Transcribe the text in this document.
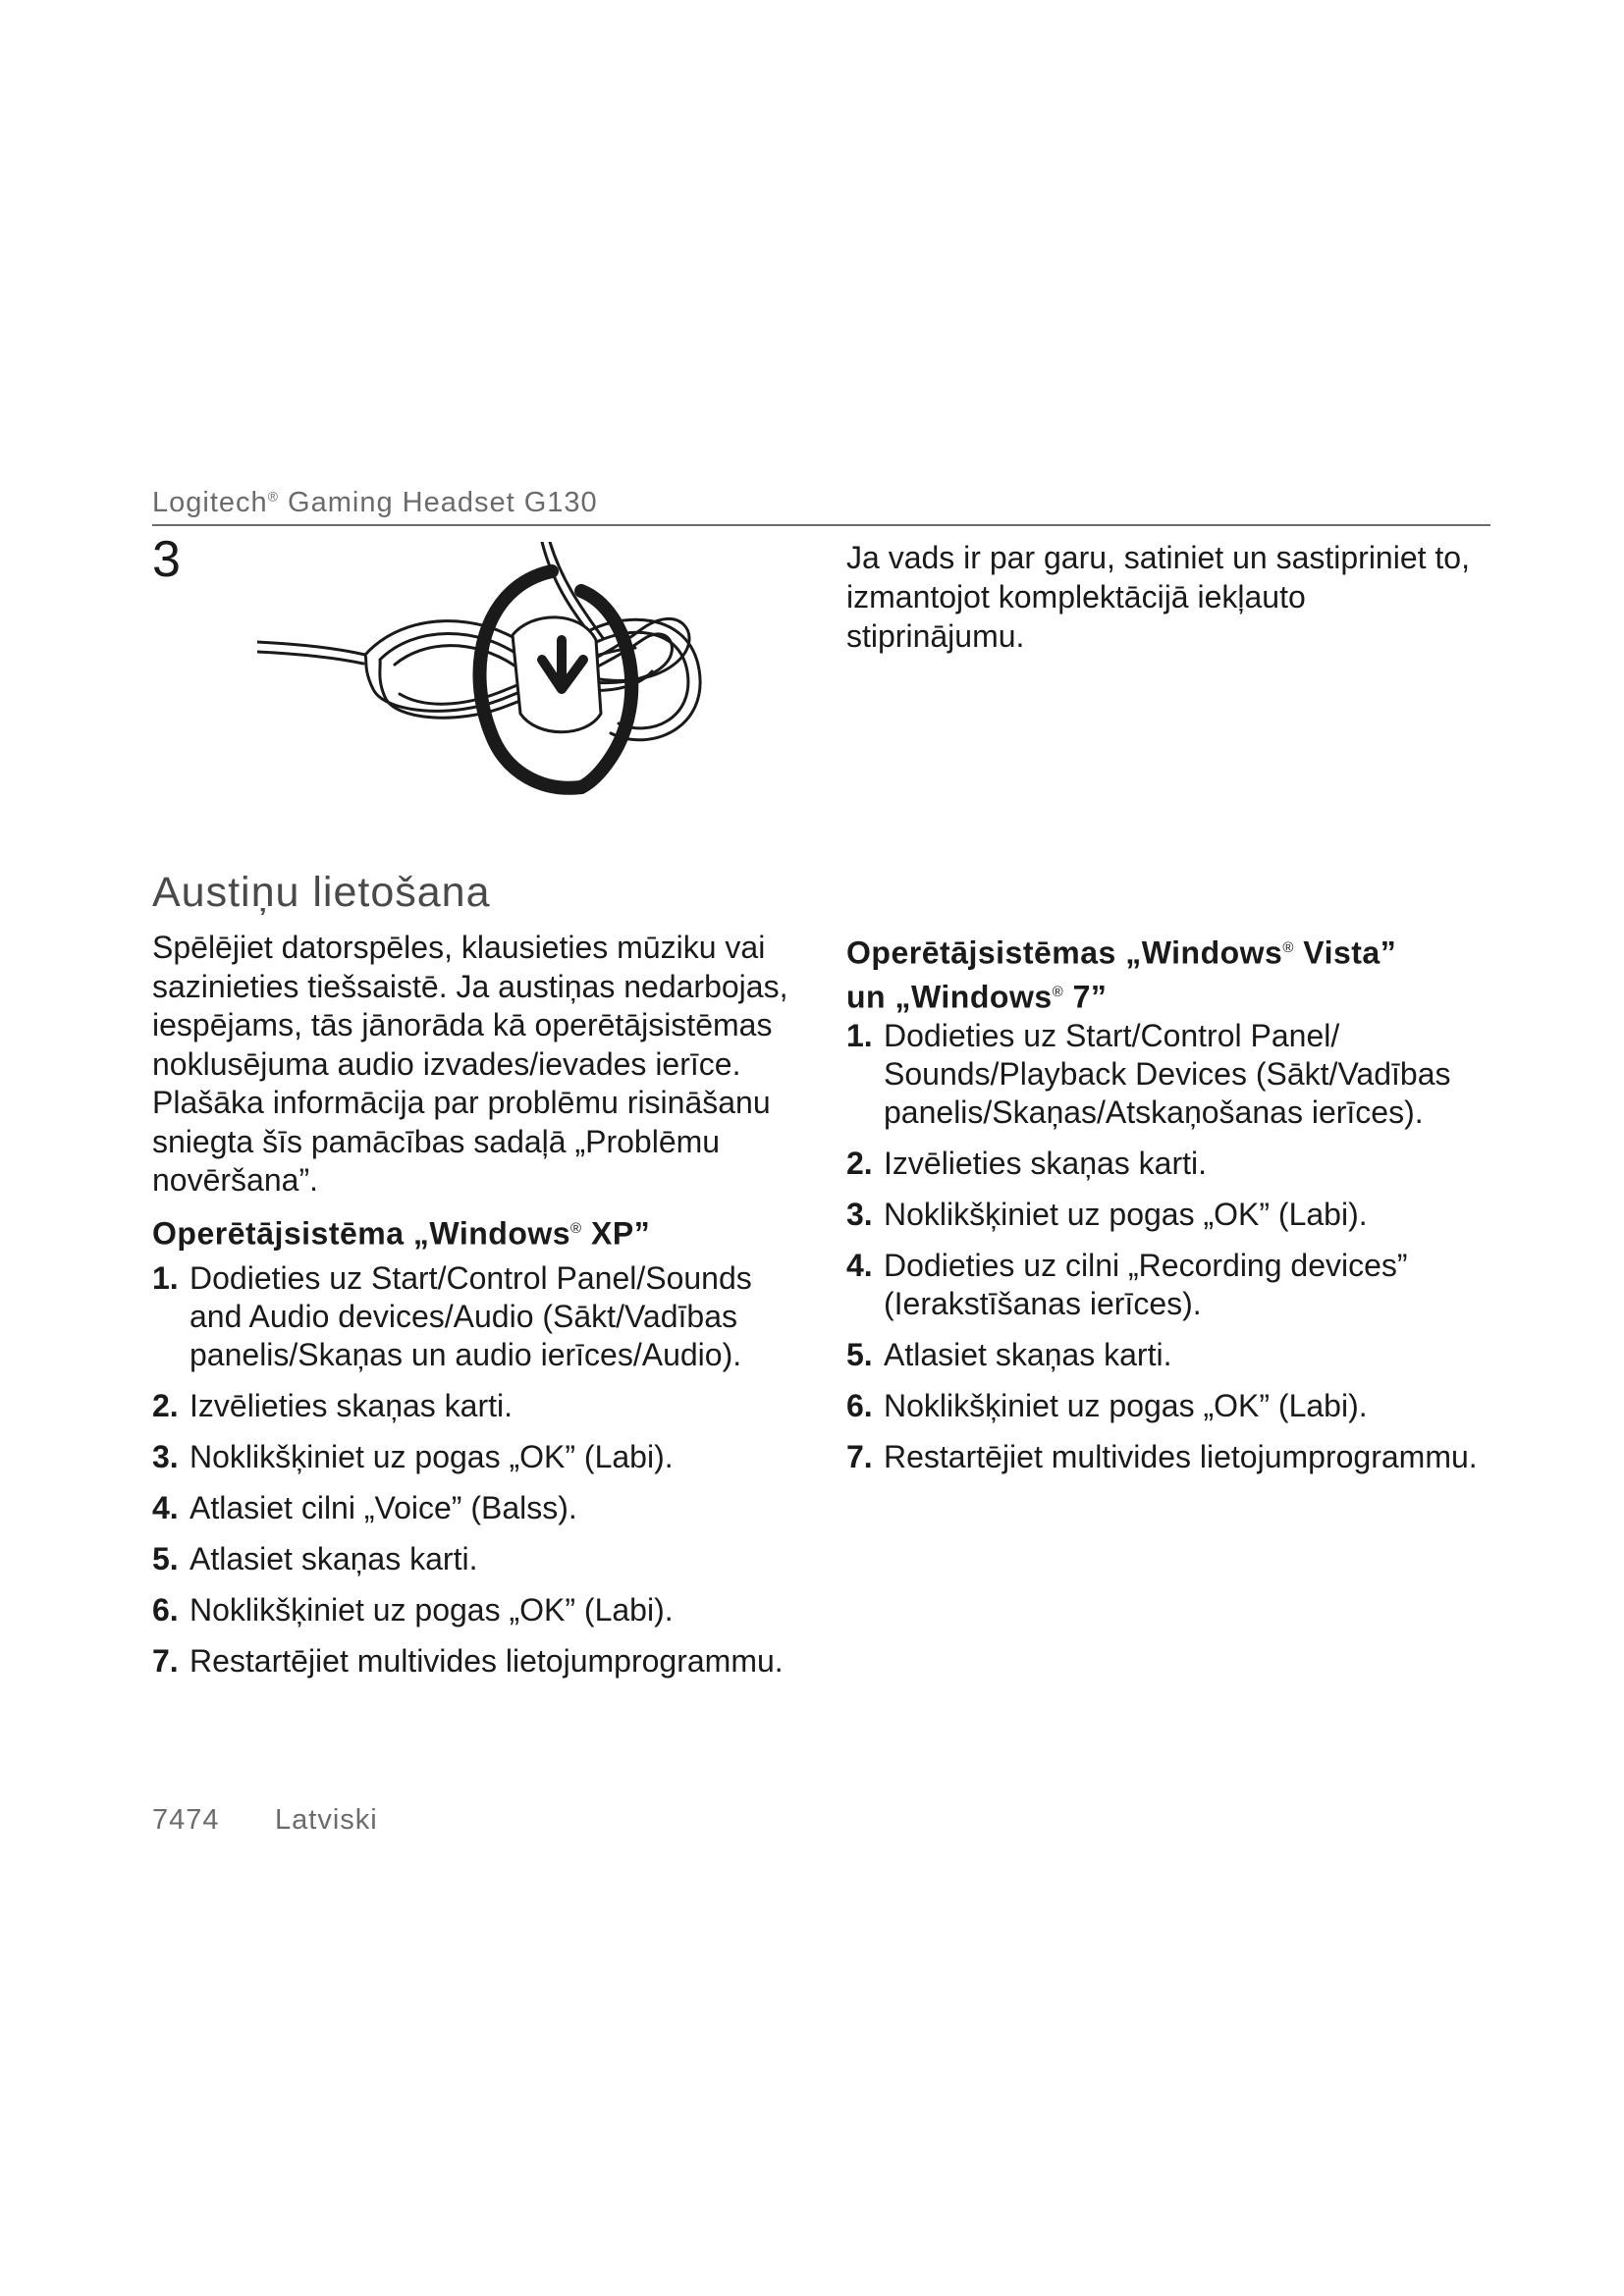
Logitech® Gaming Headset G130
3	Ja vads ir par garu, satiniet un sastipriniet to, izmantojot komplektācijā iekļauto stiprinājumu.
Austiņu lietošana
Spēlējiet datorspēles, klausieties mūziku vai sazinieties tiešsaistē. Ja austiņas nedarbojas, iespējams, tās jānorāda kā operētājsistēmas noklusējuma audio izvades/ievades ierīce. Plašāka informācija par problēmu risināšanu sniegta šīs pamācības sadaļā „Problēmu novēršana”.
Operētājsistēma „Windows® XP”
1. Dodieties uz Start/Control Panel/Sounds and Audio devices/Audio (Sākt/Vadības panelis/Skaņas un audio ierīces/Audio).
2. Izvēlieties skaņas karti.
3. Noklikšķiniet uz pogas „OK” (Labi).
4. Atlasiet cilni „Voice” (Balss).
5. Atlasiet skaņas karti.
6. Noklikšķiniet uz pogas „OK” (Labi).
7. Restartējiet multivides lietojumprogrammu.
Operētājsistēmas „Windows® Vista”
un „Windows® 7”
1. Dodieties uz Start/Control Panel/ Sounds/Playback Devices (Sākt/Vadības panelis/Skaņas/Atskaņošanas ierīces).
2. Izvēlieties skaņas karti.
3. Noklikšķiniet uz pogas „OK” (Labi).
4. Dodieties uz cilni „Recording devices” (Ierakstīšanas ierīces).
5. Atlasiet skaņas karti.
6. Noklikšķiniet uz pogas „OK” (Labi).
7. Restartējiet multivides lietojumprogrammu.
7474 Latviski
